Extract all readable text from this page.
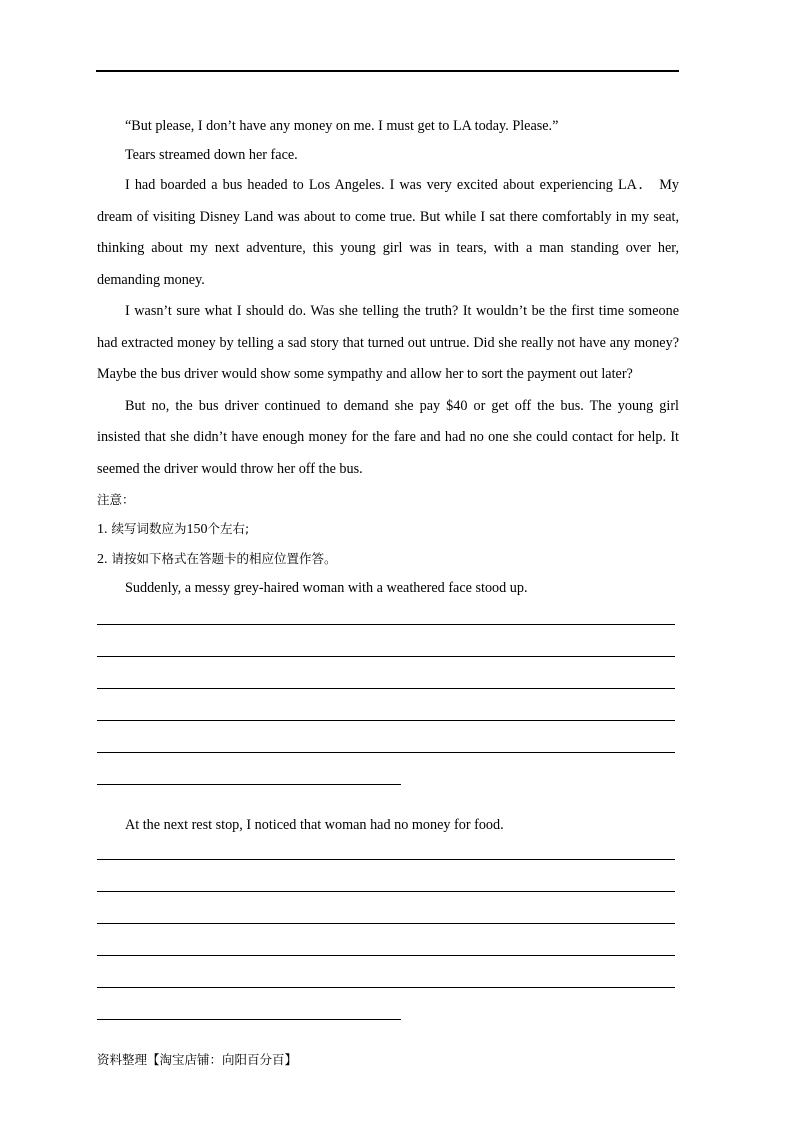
“But please, I don’t have any money on me. I must get to LA today. Please.”

Tears streamed down her face.

I had boarded a bus headed to Los Angeles. I was very excited about experiencing LA． My dream of visiting Disney Land was about to come true. But while I sat there comfortably in my seat, thinking about my next adventure, this young girl was in tears, with a man standing over her, demanding money.

I wasn’t sure what I should do. Was she telling the truth? It wouldn’t be the first time someone had extracted money by telling a sad story that turned out untrue. Did she really not have any money? Maybe the bus driver would show some sympathy and allow her to sort the payment out later?

But no, the bus driver continued to demand she pay $40 or get off the bus. The young girl insisted that she didn’t have enough money for the fare and had no one she could contact for help. It seemed the driver would throw her off the bus.

注意：

1. 续写词数应为150个左右;

2. 请按如下格式在答题卡的相应位置作答。

Suddenly, a messy grey-haired woman with a weathered face stood up.

At the next rest stop, I noticed that woman had no money for food.

资料整理【淘宝店铺：向阳百分百】
